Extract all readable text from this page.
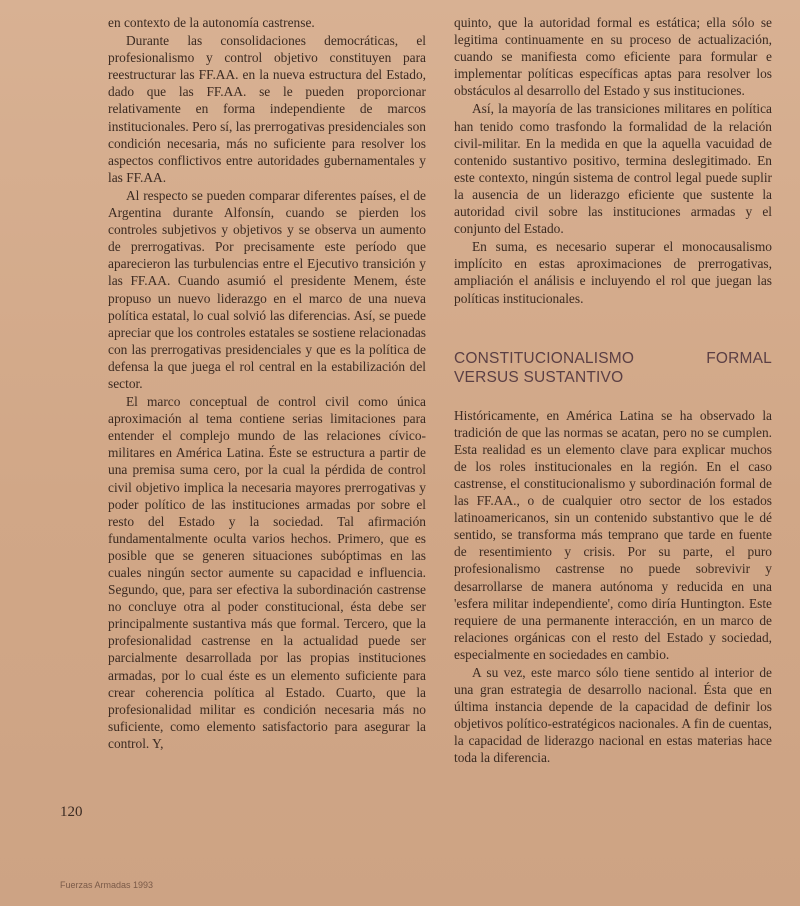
en contexto de la autonomía castrense.

Durante las consolidaciones democráticas, el profesionalismo y control objetivo constituyen para reestructurar las FF.AA. en la nueva estructura del Estado, dado que las FF.AA. se le pueden proporcionar relativamente en forma independiente de marcos institucionales. Pero sí, las prerrogativas presidenciales son condición necesaria, más no suficiente para resolver los aspectos conflictivos entre autoridades gubernamentales y las FF.AA.

Al respecto se pueden comparar diferentes países, el de Argentina durante Alfonsín, cuando se pierden los controles subjetivos y objetivos y se observa un aumento de prerrogativas. Por precisamente este período que aparecieron las turbulencias entre el Ejecutivo transición y las FF.AA. Cuando asumió el presidente Menem, éste propuso un nuevo liderazgo en el marco de una nueva política estatal, lo cual solvió las diferencias. Así, se puede apreciar que los controles estatales se sostiene relacionadas con las prerrogativas presidenciales y que es la política de defensa la que juega el rol central en la estabilización del sector.

El marco conceptual de control civil como única aproximación al tema contiene serias limitaciones para entender el complejo mundo de las relaciones cívico-militares en América Latina. Éste se estructura a partir de una premisa suma cero, por la cual la pérdida de control civil objetivo implica la necesaria mayores prerrogativas y poder político de las instituciones armadas por sobre el resto del Estado y la sociedad. Tal afirmación fundamentalmente oculta varios hechos. Primero, que es posible que se generen situaciones subóptimas en las cuales ningún sector aumente su capacidad e influencia. Segundo, que, para ser efectiva la subordinación castrense no concluye otra al poder constitucional, ésta debe ser principalmente sustantiva más que formal. Tercero, que la profesionalidad castrense en la actualidad puede ser parcialmente desarrollada por las propias instituciones armadas, por lo cual éste es un elemento suficiente para crear coherencia política al Estado. Cuarto, que la profesionalidad militar es condición necesaria más no suficiente, como elemento satisfactorio para asegurar la control. Y,

quinto, que la autoridad formal es estática; ella sólo se legitima continuamente en su proceso de actualización, cuando se manifiesta como eficiente para formular e implementar políticas específicas aptas para resolver los obstáculos al desarrollo del Estado y sus instituciones.

Así, la mayoría de las transiciones militares en política han tenido como trasfondo la formalidad de la relación civil-militar. En la medida en que la aquella vacuidad de contenido sustantivo positivo, termina deslegitimado. En este contexto, ningún sistema de control legal puede suplir la ausencia de un liderazgo eficiente que sustente la autoridad civil sobre las instituciones armadas y el conjunto del Estado.

En suma, es necesario superar el monocausalismo implícito en estas aproximaciones de prerrogativas, ampliación el análisis e incluyendo el rol que juegan las políticas institucionales.

CONSTITUCIONALISMO FORMAL VERSUS SUSTANTIVO

Históricamente, en América Latina se ha observado la tradición de que las normas se acatan, pero no se cumplen. Esta realidad es un elemento clave para explicar muchos de los roles institucionales en la región. En el caso castrense, el constitucionalismo y subordinación formal de las FF.AA., o de cualquier otro sector de los estados latinoamericanos, sin un contenido substantivo que le dé sentido, se transforma más temprano que tarde en fuente de resentimiento y crisis. Por su parte, el puro profesionalismo castrense no puede sobrevivir y desarrollarse de manera autónoma y reducida en una 'esfera militar independiente', como diría Huntington. Este requiere de una permanente interacción, en un marco de relaciones orgánicas con el resto del Estado y sociedad, especialmente en sociedades en cambio.

A su vez, este marco sólo tiene sentido al interior de una gran estrategia de desarrollo nacional. Ésta que en última instancia depende de la capacidad de definir los objetivos político-estratégicos nacionales. A fin de cuentas, la capacidad de liderazgo nacional en estas materias hace toda la diferencia.

120
Fuerzas Armadas 1993
